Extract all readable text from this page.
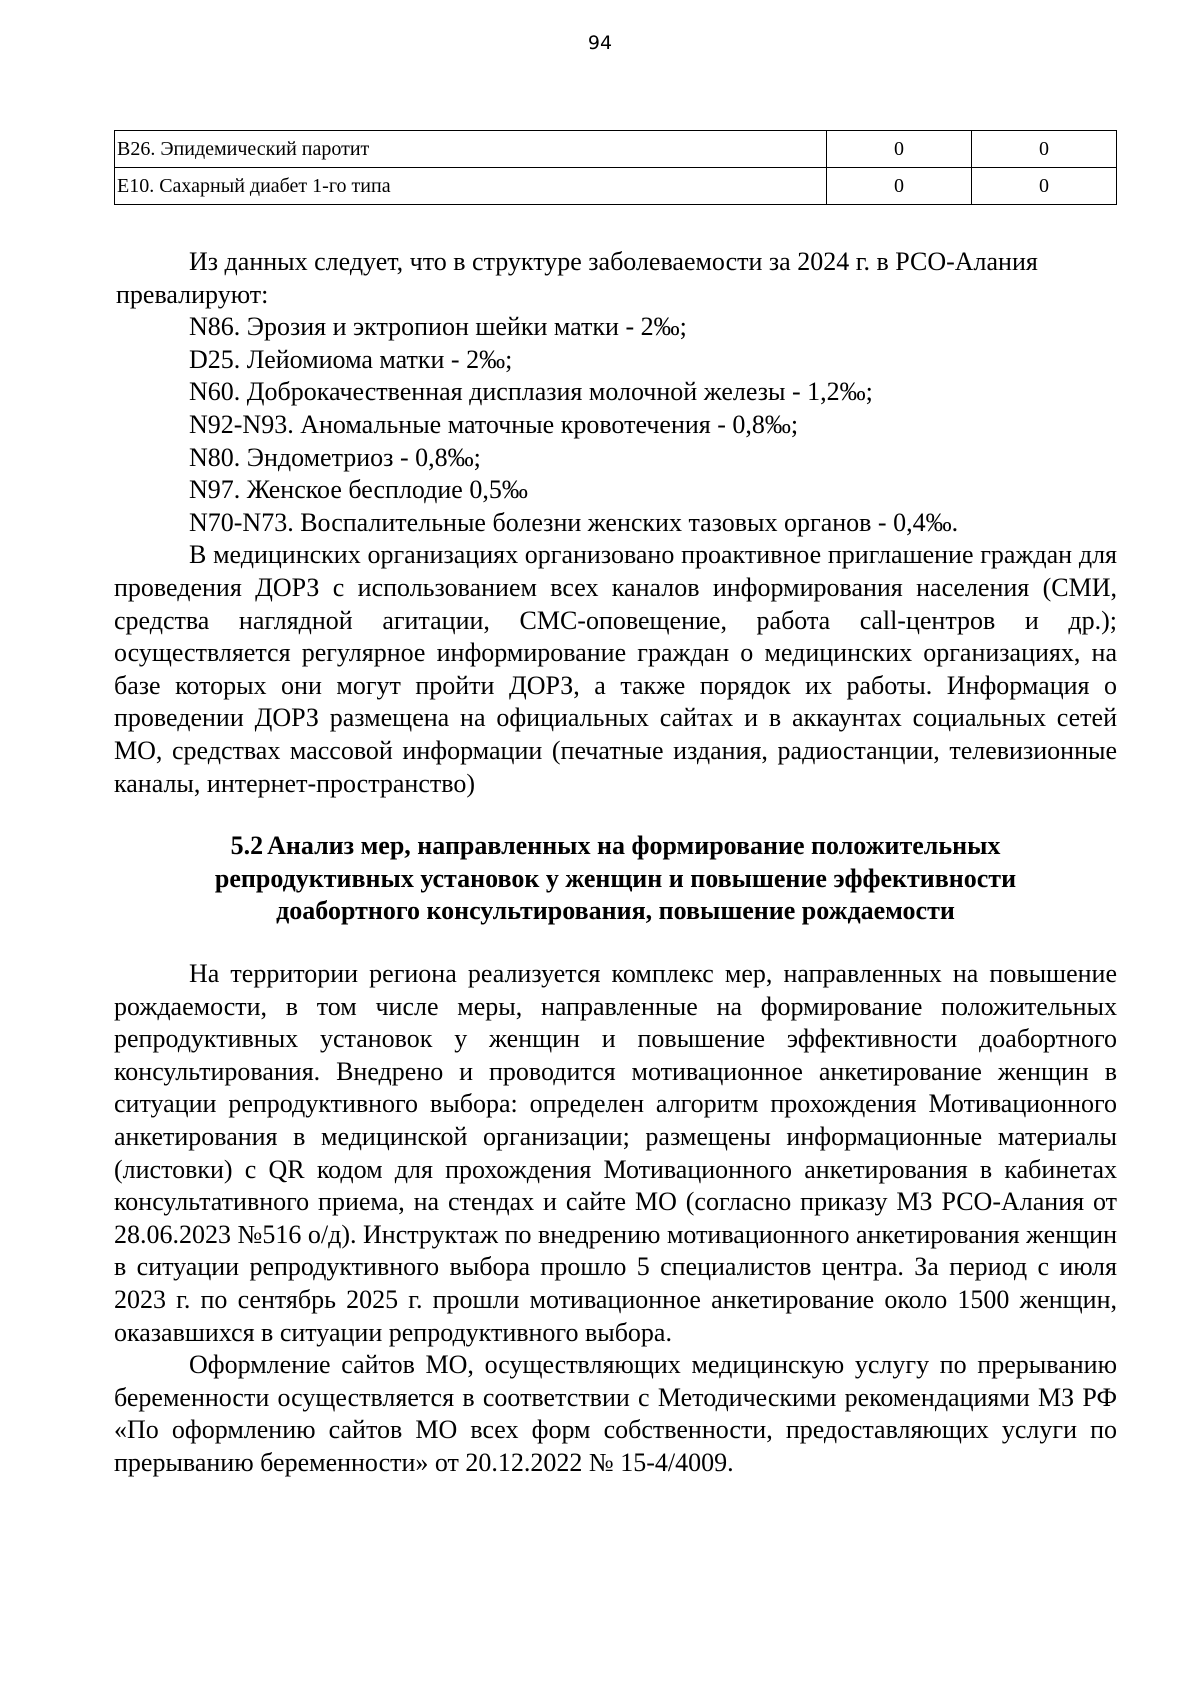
94
В26. Эпидемический паротит	0	0
Е10. Сахарный диабет 1-го типа	0	0

Из данных следует, что в структуре заболеваемости за 2024 г. в РСО-Алания

превалируют:

N86. Эрозия и эктропион шейки матки - 2‰;

D25. Лейомиома матки - 2‰;

N60. Доброкачественная дисплазия молочной железы - 1,2‰;

N92-N93. Аномальные маточные кровотечения - 0,8‰;

N80. Эндометриоз - 0,8‰;

N97. Женское бесплодие 0,5‰

N70-N73. Воспалительные болезни женских тазовых органов - 0,4‰.

В медицинских организациях организовано проактивное приглашение граждан для проведения ДОРЗ с использованием всех каналов информирования населения (СМИ, средства наглядной агитации, СМС-оповещение, работа call-центров и др.); осуществляется регулярное информирование граждан о медицинских организациях, на базе которых они могут пройти ДОРЗ, а также порядок их работы. Информация о проведении ДОРЗ размещена на официальных сайтах и в аккаунтах социальных сетей МО, средствах массовой информации (печатные издания, радиостанции, телевизионные каналы, интернет-пространство)

5.2 Анализ мер, направленных на формирование положительных
репродуктивных установок у женщин и повышение эффективности
доабортного консультирования, повышение рождаемости

На территории региона реализуется комплекс мер, направленных на повышение рождаемости, в том числе меры, направленные на формирование положительных репродуктивных установок у женщин и повышение эффективности доабортного консультирования. Внедрено и проводится мотивационное анкетирование женщин в ситуации репродуктивного выбора: определен алгоритм прохождения Мотивационного анкетирования в медицинской организации; размещены информационные материалы (листовки) с QR кодом для прохождения Мотивационного анкетирования в кабинетах консультативного приема, на стендах и сайте МО (согласно приказу МЗ РСО-Алания от 28.06.2023 №516 о/д). Инструктаж по внедрению мотивационного анкетирования женщин в ситуации репродуктивного выбора прошло 5 специалистов центра. За период с июля 2023 г. по сентябрь 2025 г. прошли мотивационное анкетирование около 1500 женщин, оказавшихся в ситуации репродуктивного выбора.

Оформление сайтов МО, осуществляющих медицинскую услугу по прерыванию беременности осуществляется в соответствии с Методическими рекомендациями МЗ РФ «По оформлению сайтов МО всех форм собственности, предоставляющих услуги по прерыванию беременности» от 20.12.2022 № 15-4/4009.
